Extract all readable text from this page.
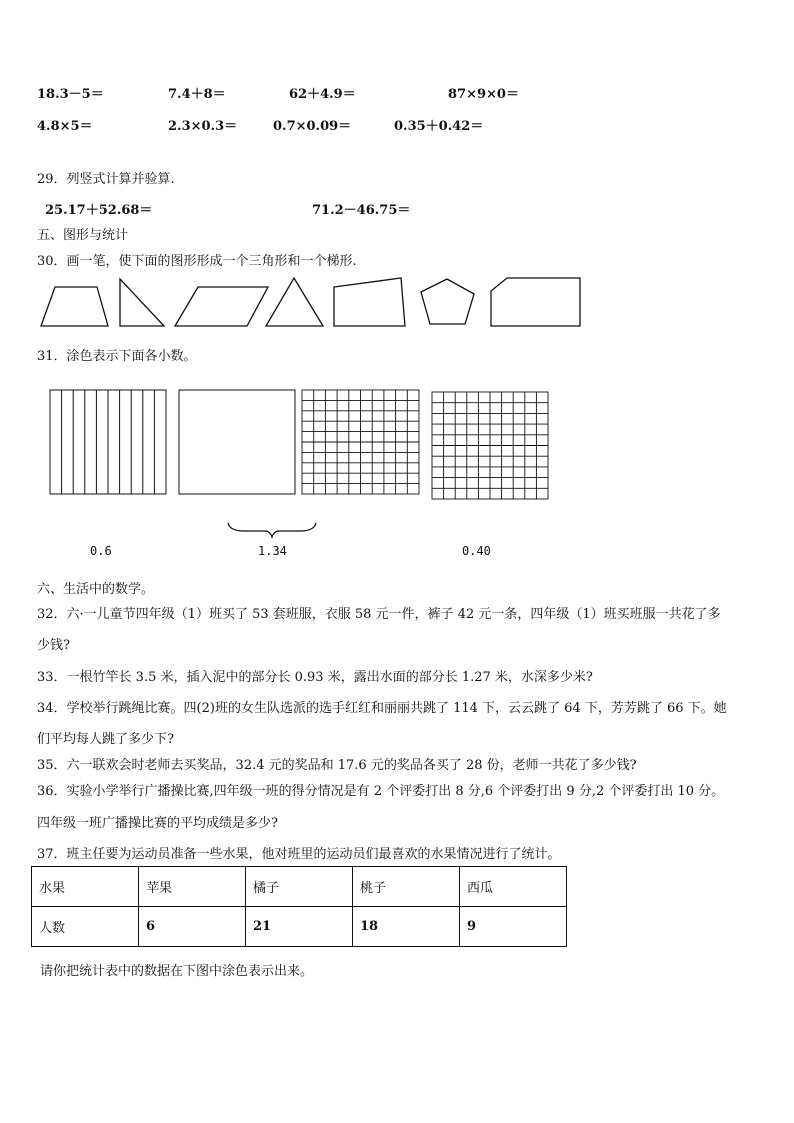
18.3－5＝	7.4＋8＝	62＋4.9＝	87×9×0＝
4.8×5＝	2.3×0.3＝	0.7×0.09＝	0.35＋0.42＝
29．列竖式计算并验算.
25.17＋52.68＝	71.2－46.75＝
五、图形与统计
30．画一笔，使下面的图形形成一个三角形和一个梯形.
31．涂色表示下面各小数。
0.6	1.34	0.40
六、生活中的数学。
32．六·一儿童节四年级（1）班买了 53 套班服，衣服 58 元一件，裤子 42 元一条，四年级（1）班买班服一共花了多
少钱?
33．一根竹竿长 3.5 米，插入泥中的部分长 0.93 米，露出水面的部分长 1.27 米，水深多少米?
34．学校举行跳绳比赛。四(2)班的女生队选派的选手红红和丽丽共跳了 114 下，云云跳了 64 下，芳芳跳了 66 下。她
们平均每人跳了多少下?
35．六一联欢会时老师去买奖品，32.4 元的奖品和 17.6 元的奖品各买了 28 份，老师一共花了多少钱?
36．实验小学举行广播操比赛,四年级一班的得分情况是有 2 个评委打出 8 分,6 个评委打出 9 分,2 个评委打出 10 分。
四年级一班广播操比赛的平均成绩是多少?
37．班主任要为运动员准备一些水果，他对班里的运动员们最喜欢的水果情况进行了统计。
水果	苹果	橘子	桃子	西瓜
人数	6	21	18	9
请你把统计表中的数据在下图中涂色表示出来。
